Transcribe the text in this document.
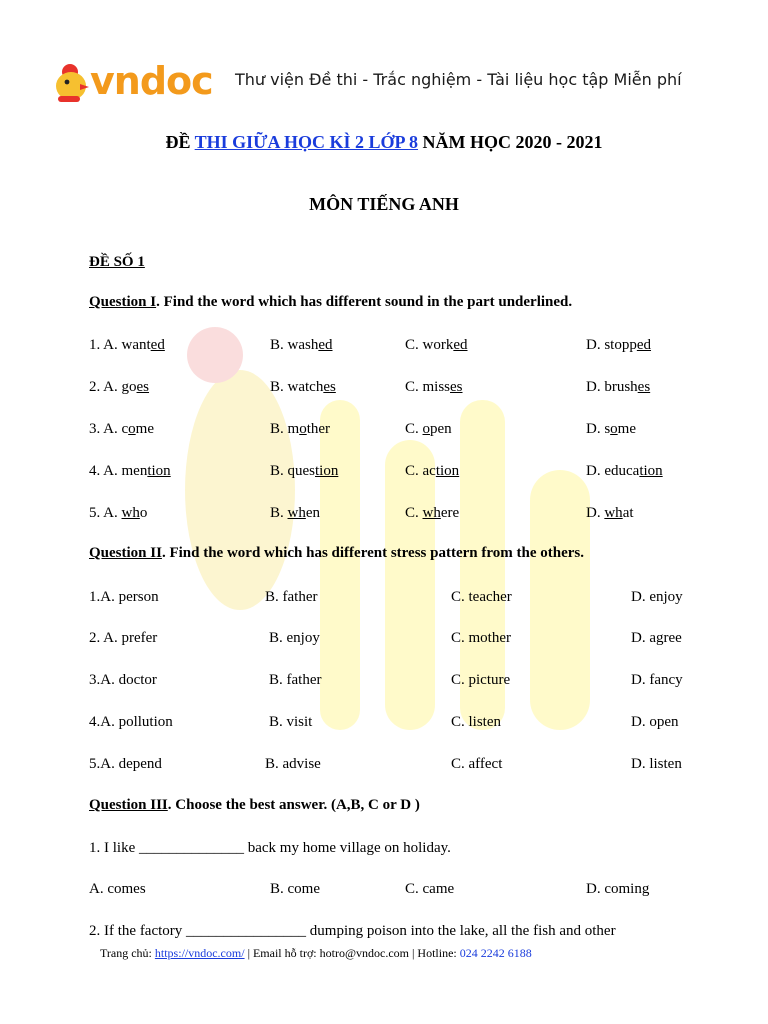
vndoc Thư viện Đề thi - Trắc nghiệm - Tài liệu học tập Miễn phí
ĐỀ THI GIỮA HỌC KÌ 2 LỚP 8 NĂM HỌC 2020 - 2021
MÔN TIẾNG ANH
ĐỀ SỐ 1
Question I. Find the word which has different sound in the part underlined.
1. A. wanted	B. washed	C. worked	D. stopped
2. A. goes	B. watches	C. misses	D. brushes
3. A. come	B. mother	C. open	D. some
4. A. mention	B. question	C. action	D. education
5. A. who	B. when	C. where	D. what
Question II. Find the word which has different stress pattern from the others.
1.A. person	B. father	C. teacher	D. enjoy
2. A. prefer	B. enjoy	C. mother	D. agree
3.A. doctor	B. father	C. picture	D. fancy
4.A. pollution	B. visit	C. listen	D. open
5.A. depend	B. advise	C. affect	D. listen
Question III. Choose the best answer. (A,B, C or D )
1. I like ______________ back my home village on holiday.
A. comes	B. come	C. came	D. coming
2. If the factory ________________ dumping poison into the lake, all the fish and other
Trang chủ: https://vndoc.com/ | Email hỗ trợ: hotro@vndoc.com | Hotline: 024 2242 6188
